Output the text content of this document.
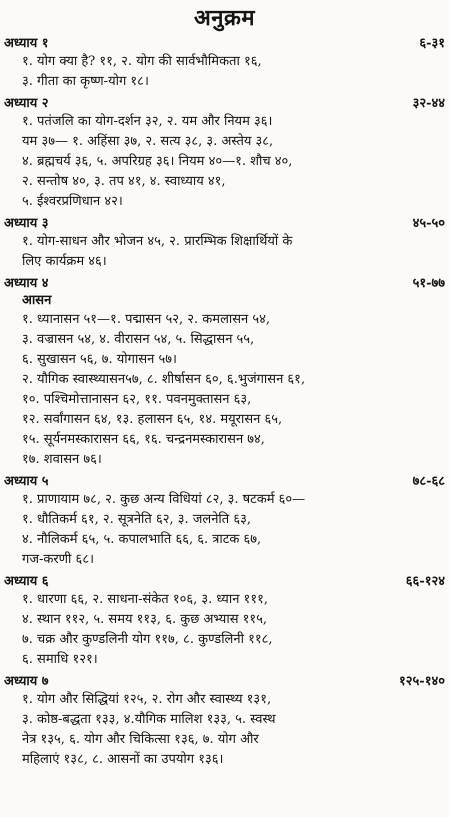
अनुक्रम
अध्याय १	६-३१

१. योग क्या है? ११, २. योग की सार्वभौमिकता १६,

३. गीता का कृष्ण-योग १८।

अध्याय २	३२-४४

१. पतंजलि का योग-दर्शन ३२, २. यम और नियम ३६।

यम ३७— १. अहिंसा ३७, २. सत्य ३८, ३. अस्तेय ३८,

४. ब्रह्मचर्य ३६, ५. अपरिग्रह ३६। नियम ४०—१. शौच ४०,

२. सन्तोष ४०, ३. तप ४१, ४. स्वाध्याय ४१,

५. ईश्वरप्रणिधान ४२।

अध्याय ३	४५-५०

१. योग-साधन और भोजन ४५, २. प्रारम्भिक शिक्षार्थियों के

लिए कार्यक्रम ४६।

अध्याय ४	५१-७७
आसन

१. ध्यानासन ५१—१. पद्मासन ५२, २. कमलासन ५४,

३. वज्रासन ५४, ४. वीरासन ५४, ५. सिद्धासन ५५,

६. सुखासन ५६, ७. योगासन ५७।

२. यौगिक स्वास्थ्यासन५७, ८. शीर्षासन ६०, ६.भुजंगासन ६१,

१०. पश्चिमोत्तानासन ६२, ११. पवनमुक्तासन ६३,

१२. सर्वांगासन ६४, १३. हलासन ६५, १४. मयूरासन ६५,

१५. सूर्यनमस्कारासन ६६, १६. चन्द्रनमस्कारासन ७४,

१७. शवासन ७६।

अध्याय ५	७८-६८

१. प्राणायाम ७८, २. कुछ अन्य विधियां ८२, ३. षटकर्म ६०—

१. धौतिकर्म ६१, २. सूत्रनेति ६२, ३. जलनेति ६३,

४. नौलिकर्म ६५, ५. कपालभाति ६६, ६. त्राटक ६७,

गज-करणी ६८।

अध्याय ६	६६-१२४

१. धारणा ६६, २. साधना-संकेत १०६, ३. ध्यान १११,

४. स्थान ११२, ५. समय ११३, ६. कुछ अभ्यास ११५,

७. चक्र और कुण्डलिनी योग ११७, ८. कुण्डलिनी ११८,

६. समाधि १२१।

अध्याय ७	१२५-१४०

१. योग और सिद्धियां १२५, २. रोग और स्वास्थ्य १३१,

३. कोष्ठ-बद्धता १३३, ४.यौगिक मालिश १३३, ५. स्वस्थ

नेत्र १३५, ६. योग और चिकित्सा १३६, ७. योग और

महिलाएं १३८, ८. आसनों का उपयोग १३६।
